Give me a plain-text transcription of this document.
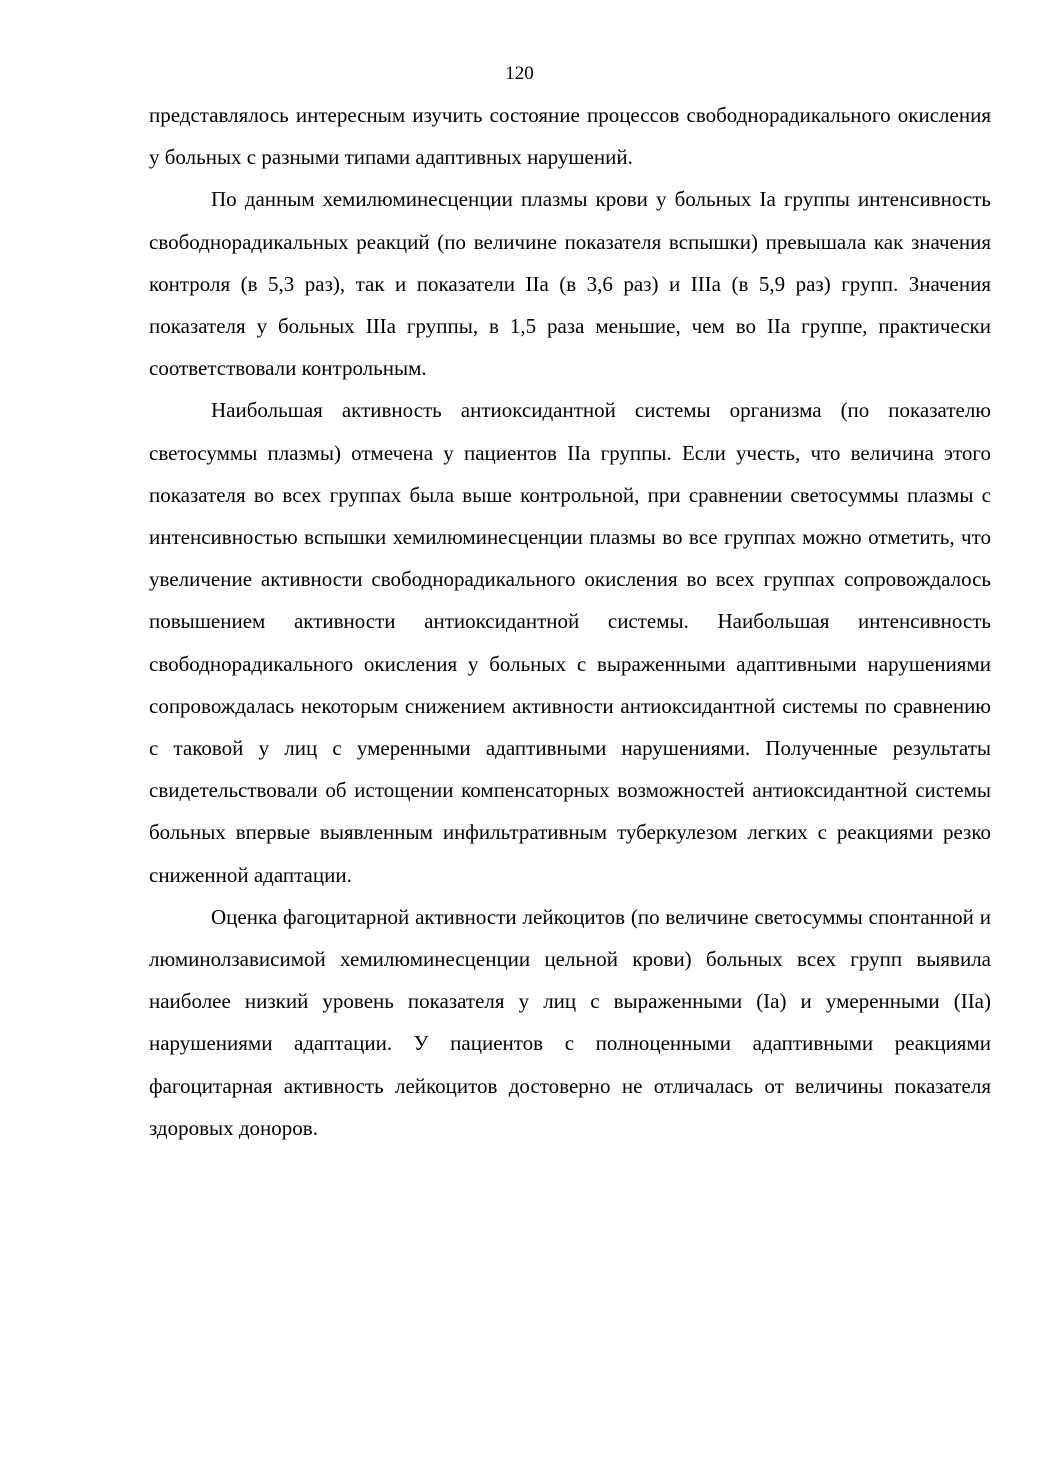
120

представлялось интересным изучить состояние процессов свободнорадикального окисления у больных с разными типами адаптивных нарушений.

По данным хемилюминесценции плазмы крови у больных Ia группы интенсивность свободнорадикальных реакций (по величине показателя вспышки) превышала как значения контроля (в 5,3 раз), так и показатели IIa (в 3,6 раз) и IIIa (в 5,9 раз) групп. Значения показателя у больных IIIa группы, в 1,5 раза меньшие, чем во IIa группе, практически соответствовали контрольным.

Наибольшая активность антиоксидантной системы организма (по показателю светосуммы плазмы) отмечена у пациентов IIa группы. Если учесть, что величина этого показателя во всех группах была выше контрольной, при сравнении светосуммы плазмы с интенсивностью вспышки хемилюминесценции плазмы во все группах можно отметить, что увеличение активности свободнорадикального окисления во всех группах сопровождалось повышением активности антиоксидантной системы. Наибольшая интенсивность свободнорадикального окисления у больных с выраженными адаптивными нарушениями сопровождалась некоторым снижением активности антиоксидантной системы по сравнению с таковой у лиц с умеренными адаптивными нарушениями. Полученные результаты свидетельствовали об истощении компенсаторных возможностей антиоксидантной системы больных впервые выявленным инфильтративным туберкулезом легких с реакциями резко сниженной адаптации.

Оценка фагоцитарной активности лейкоцитов (по величине светосуммы спонтанной и люминолзависимой хемилюминесценции цельной крови) больных всех групп выявила наиболее низкий уровень показателя у лиц с выраженными (Ia) и умеренными (IIa) нарушениями адаптации. У пациентов с полноценными адаптивными реакциями фагоцитарная активность лейкоцитов достоверно не отличалась от величины показателя здоровых доноров.
